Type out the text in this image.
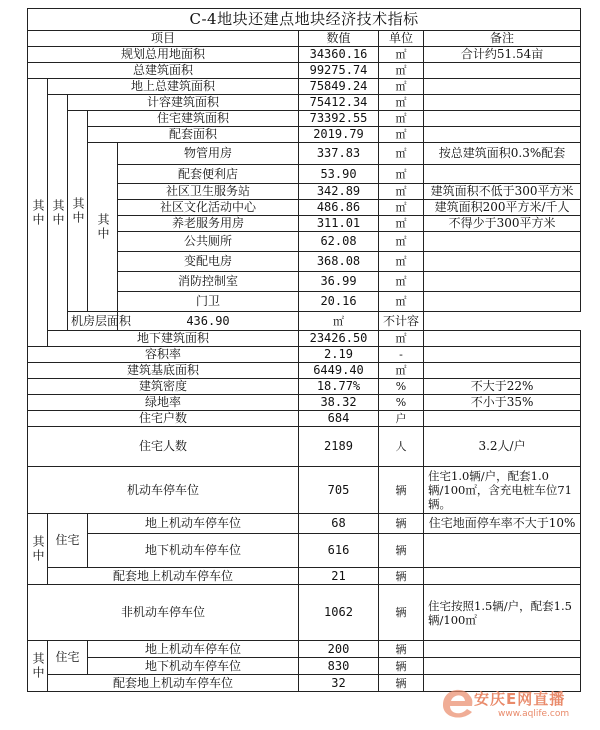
C-4地块还建点地块经济技术指标							
项目					数值	单位	备注
规划总用地面积					34360.16	㎡	合计约51.54亩
总建筑面积					99275.74	㎡	
其中	地上总建筑面积				75849.24	㎡	
	其中	计容建筑面积			75412.34	㎡	
		其中	住宅建筑面积		73392.55	㎡	
			配套面积		2019.79	㎡	
			其中	物管用房	337.83	㎡	按总建筑面积0.3%配套
				配套便利店	53.90	㎡	
				社区卫生服务站	342.89	㎡	建筑面积不低于300平方米
				社区文化活动中心	486.86	㎡	建筑面积200平方米/千人
				养老服务用房	311.01	㎡	不得少于300平方米
				公共厕所	62.08	㎡	
				变配电房	368.08	㎡	
				消防控制室	36.99	㎡	
				门卫	20.16	㎡	
		机房层面积		436.90	㎡	不计容	
	地下建筑面积				23426.50	㎡	
容积率					2.19	-	
建筑基底面积					6449.40	㎡	
建筑密度					18.77%	%	不大于22%
绿地率					38.32	%	不小于35%
住宅户数					684	户	
住宅人数					2189	人	3.2人/户
机动车停车位					705	辆	住宅1.0辆/户，配套1.0辆/100㎡，含充电桩车位71辆。
其中	住宅		地上机动车停车位		68	辆	住宅地面停车率不大于10%
			地下机动车停车位		616	辆	
	配套地上机动车停车位				21	辆	
非机动车停车位					1062	辆	住宅按照1.5辆/户，配套1.5辆/100㎡
其中	住宅		地上机动车停车位		200	辆	
			地下机动车停车位		830	辆	
	配套地上机动车停车位				32	辆	
安庆E网直播
www.aqlife.com
